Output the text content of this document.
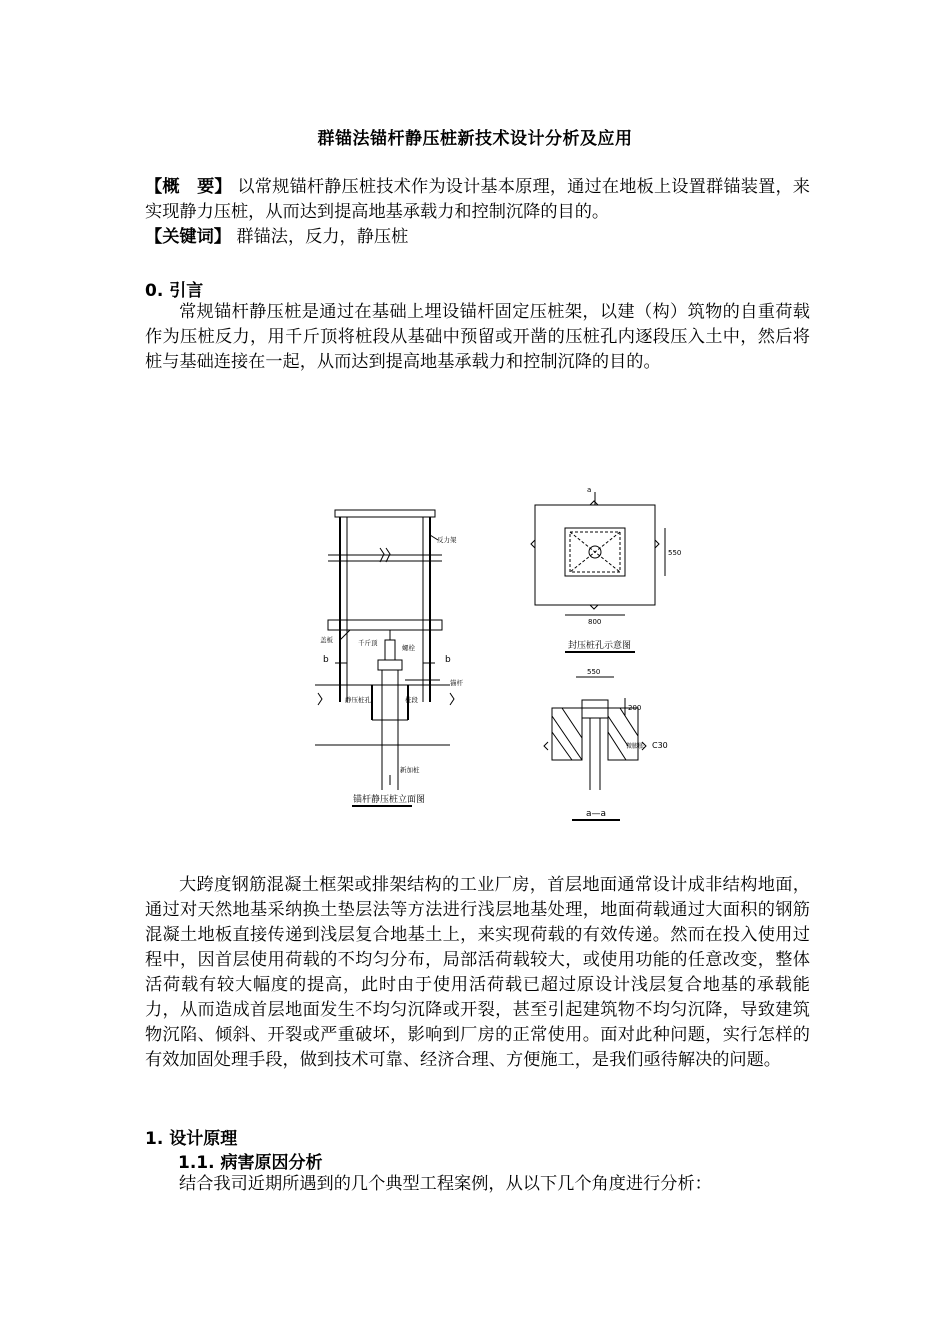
群锚法锚杆静压桩新技术设计分析及应用
【概　要】 以常规锚杆静压桩技术作为设计基本原理，通过在地板上设置群锚装置，来实现静力压桩，从而达到提高地基承载力和控制沉降的目的。
【关键词】 群锚法，反力，静压桩
0. 引言
常规锚杆静压桩是通过在基础上埋设锚杆固定压桩架，以建（构）筑物的自重荷载作为压桩反力，用千斤顶将桩段从基础中预留或开凿的压桩孔内逐段压入土中，然后将桩与基础连接在一起，从而达到提高地基承载力和控制沉降的目的。
反力架
千斤顶
锚杆
静压桩孔	桩段
盖板
螺栓
新加桩
b	b
锚杆静压桩立面图
封压桩孔示意图
a
800
550
550
200
微膨胀 C30
a—a
大跨度钢筋混凝土框架或排架结构的工业厂房，首层地面通常设计成非结构地面，通过对天然地基采纳换土垫层法等方法进行浅层地基处理，地面荷载通过大面积的钢筋混凝土地板直接传递到浅层复合地基土上，来实现荷载的有效传递。然而在投入使用过程中，因首层使用荷载的不均匀分布，局部活荷载较大，或使用功能的任意改变，整体活荷载有较大幅度的提高，此时由于使用活荷载已超过原设计浅层复合地基的承载能力，从而造成首层地面发生不均匀沉降或开裂，甚至引起建筑物不均匀沉降，导致建筑物沉陷、倾斜、开裂或严重破坏，影响到厂房的正常使用。面对此种问题，实行怎样的有效加固处理手段，做到技术可靠、经济合理、方便施工，是我们亟待解决的问题。
1. 设计原理
1.1. 病害原因分析
结合我司近期所遇到的几个典型工程案例，从以下几个角度进行分析：
